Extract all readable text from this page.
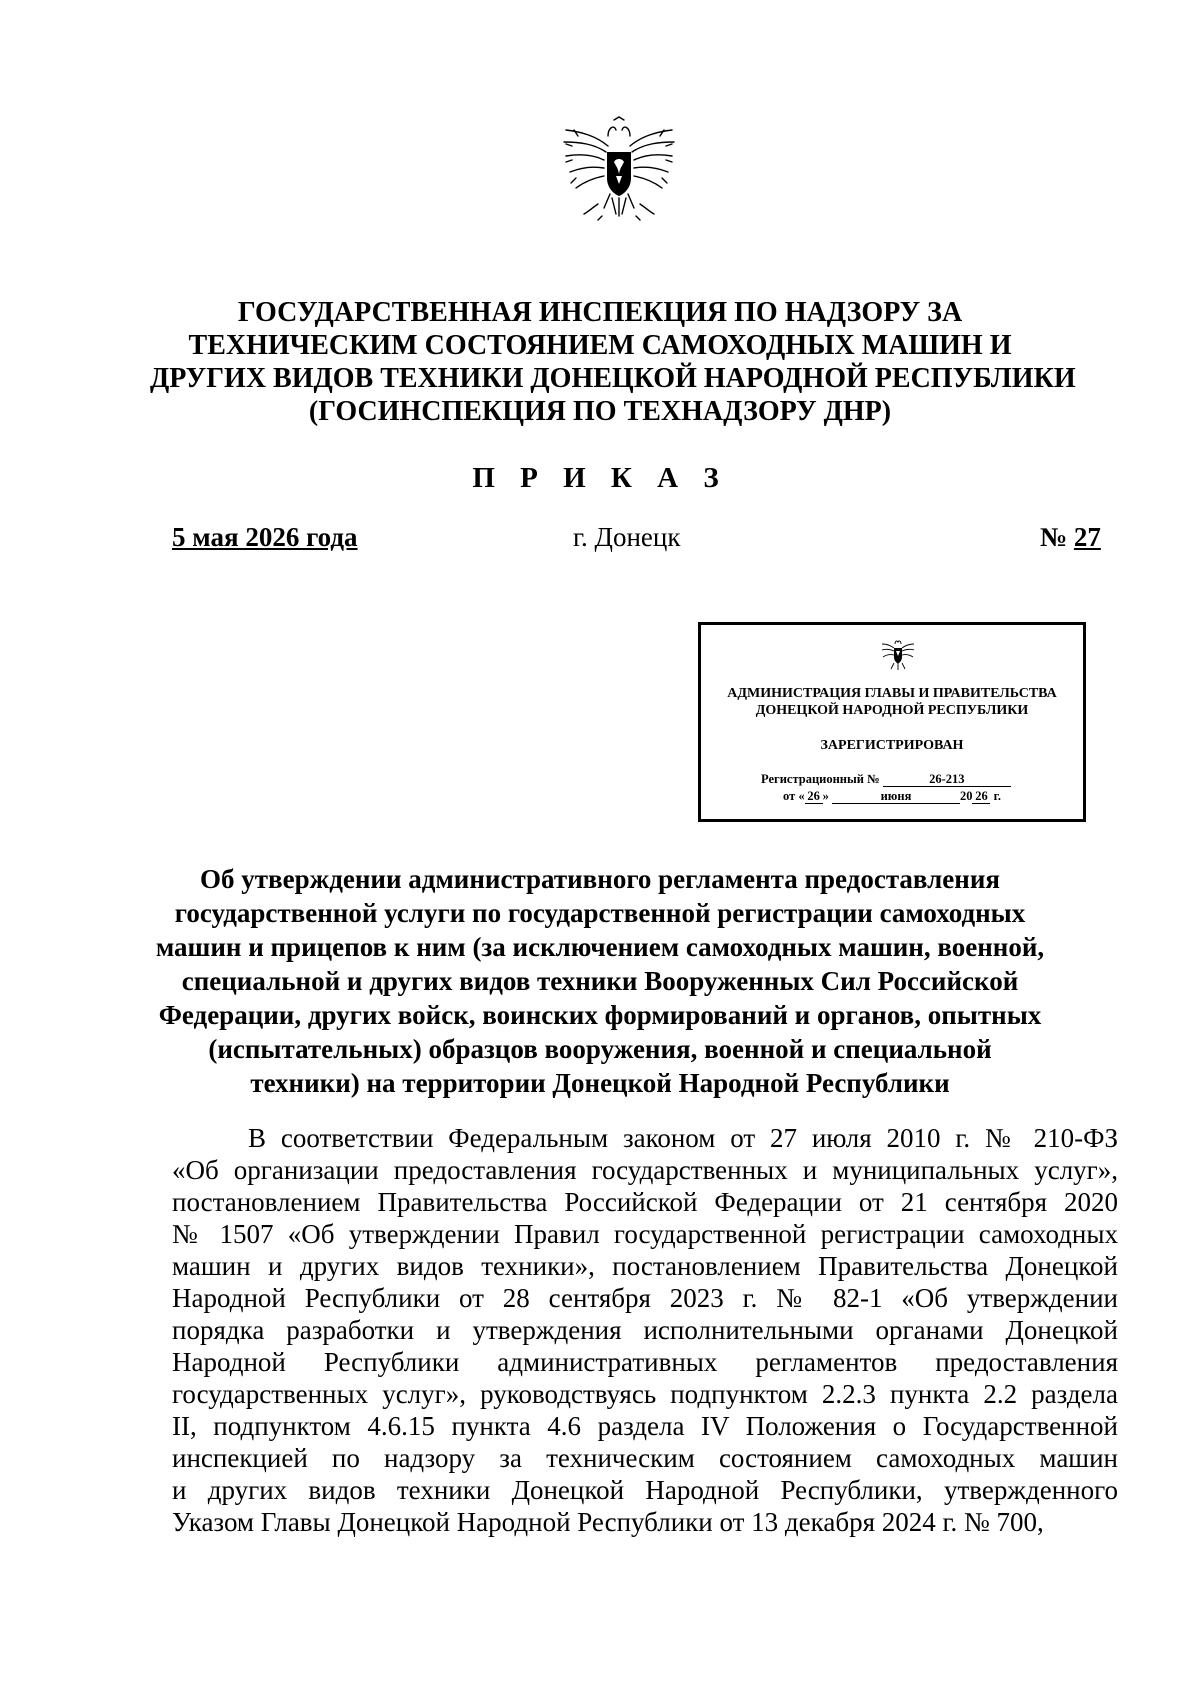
ГОСУДАРСТВЕННАЯ ИНСПЕКЦИЯ ПО НАДЗОРУ ЗА
ТЕХНИЧЕСКИМ СОСТОЯНИЕМ САМОХОДНЫХ МАШИН И
ДРУГИХ ВИДОВ ТЕХНИКИ ДОНЕЦКОЙ НАРОДНОЙ РЕСПУБЛИКИ
(ГОСИНСПЕКЦИЯ ПО ТЕХНАДЗОРУ ДНР)
П Р И К А З
5 мая 2026 года	г. Донецк	№ 27
АДМИНИСТРАЦИЯ ГЛАВЫ И ПРАВИТЕЛЬСТВА
ДОНЕЦКОЙ НАРОДНОЙ РЕСПУБЛИКИ
ЗАРЕГИСТРИРОВАН
Регистрационный №	26-213
от « 26 »	июня	20 26 г.
Об утверждении административного регламента предоставления
государственной услуги по государственной регистрации самоходных
машин и прицепов к ним (за исключением самоходных машин, военной,
специальной и других видов техники Вооруженных Сил Российской
Федерации, других войск, воинских формирований и органов, опытных
(испытательных) образцов вооружения, военной и специальной
техники) на территории Донецкой Народной Республики
В соответствии Федеральным законом от 27 июля 2010 г. № 210-ФЗ
«Об организации предоставления государственных и муниципальных услуг»,
постановлением Правительства Российской Федерации от 21 сентября 2020
№ 1507 «Об утверждении Правил государственной регистрации самоходных
машин и других видов техники», постановлением Правительства Донецкой
Народной Республики от 28 сентября 2023 г. № 82-1 «Об утверждении
порядка разработки и утверждения исполнительными органами Донецкой
Народной Республики административных регламентов предоставления
государственных услуг», руководствуясь подпунктом 2.2.3 пункта 2.2 раздела
II, подпунктом 4.6.15 пункта 4.6 раздела IV Положения о Государственной
инспекцией по надзору за техническим состоянием самоходных машин
и других видов техники Донецкой Народной Республики, утвержденного
Указом Главы Донецкой Народной Республики от 13 декабря 2024 г. № 700,
